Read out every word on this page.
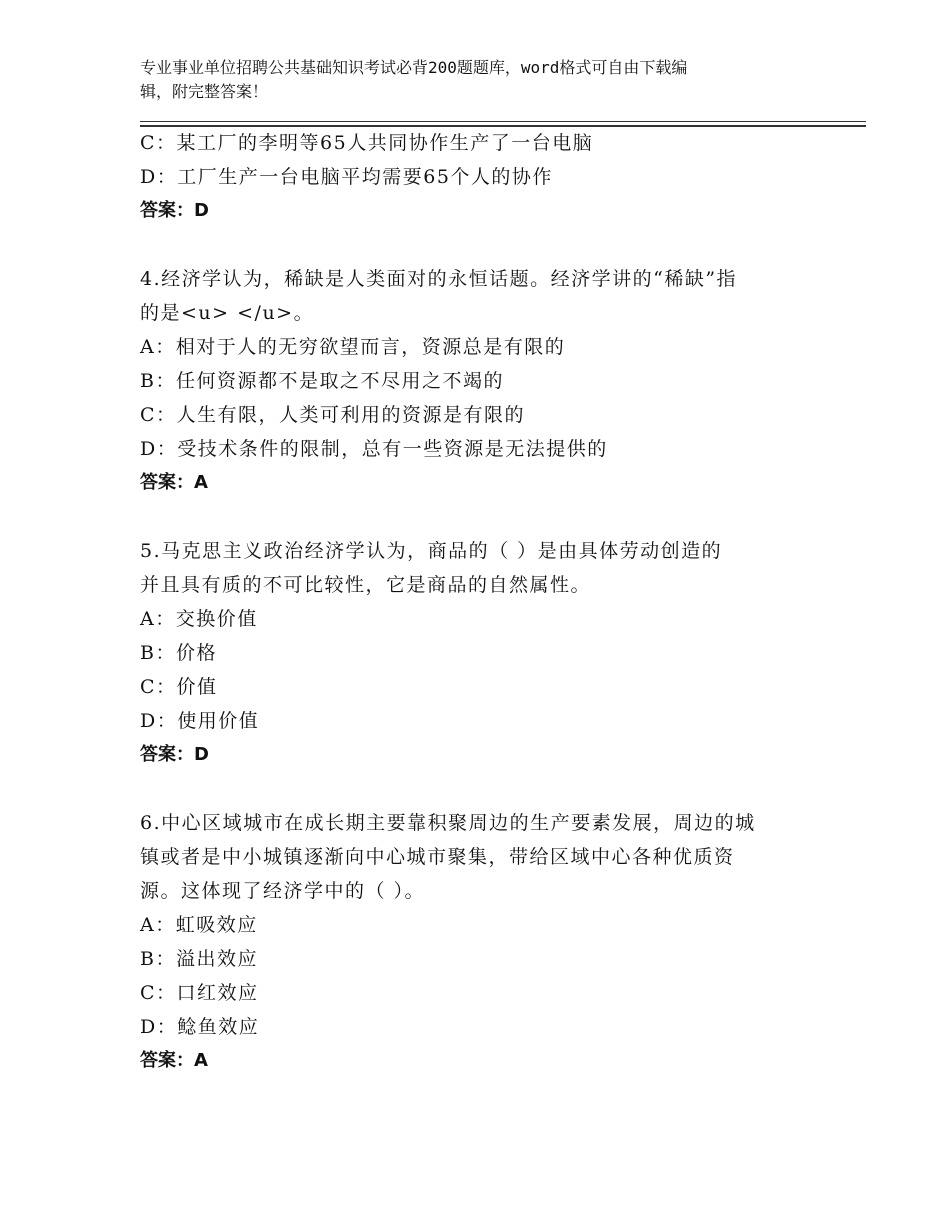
专业事业单位招聘公共基础知识考试必背200题题库，word格式可自由下载编
辑，附完整答案！
C：某工厂的李明等65人共同协作生产了一台电脑
D：工厂生产一台电脑平均需要65个人的协作
答案：D
4.经济学认为，稀缺是人类面对的永恒话题。经济学讲的“稀缺”指
的是<u> </u>。
A：相对于人的无穷欲望而言，资源总是有限的
B：任何资源都不是取之不尽用之不竭的
C：人生有限，人类可利用的资源是有限的
D：受技术条件的限制，总有一些资源是无法提供的
答案：A
5.马克思主义政治经济学认为，商品的（ ）是由具体劳动创造的
并且具有质的不可比较性，它是商品的自然属性。
A：交换价值
B：价格
C：价值
D：使用价值
答案：D
6.中心区域城市在成长期主要靠积聚周边的生产要素发展，周边的城
镇或者是中小城镇逐渐向中心城市聚集，带给区域中心各种优质资
源。这体现了经济学中的（ ）。
A：虹吸效应
B：溢出效应
C：口红效应
D：鲶鱼效应
答案：A
